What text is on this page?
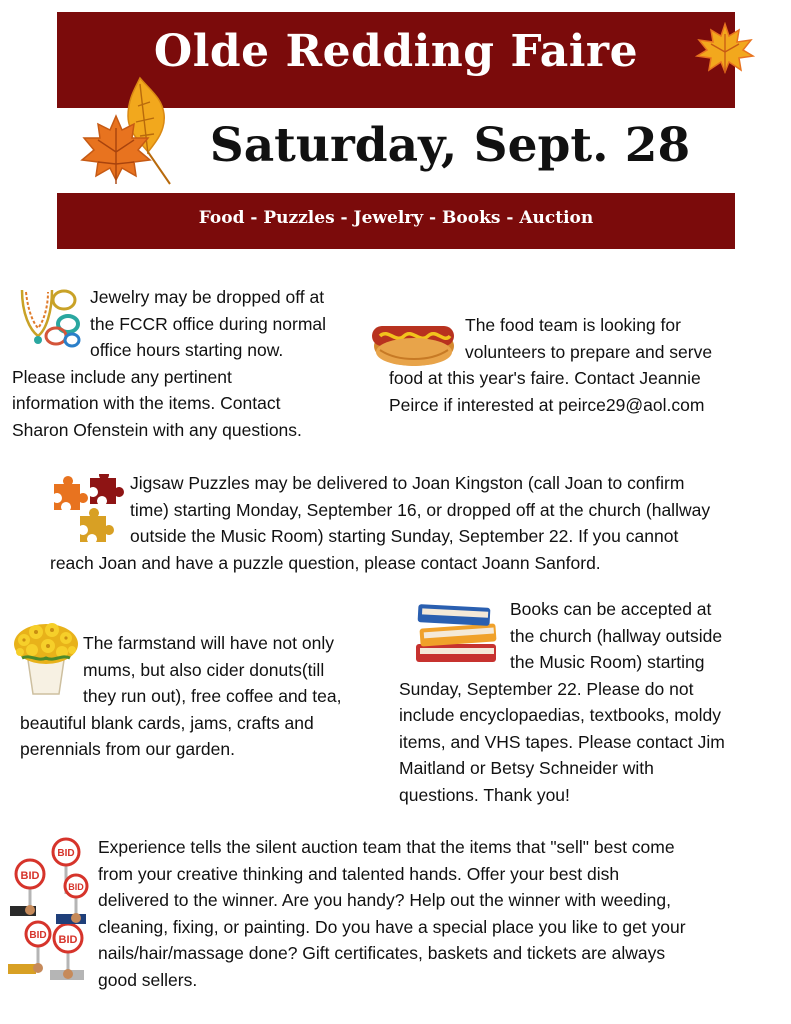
Olde Redding Faire
Saturday, Sept. 28
Food - Puzzles - Jewelry - Books - Auction
Jewelry may be dropped off at
the FCCR office during normal
office hours starting now.
Please include any pertinent
information with the items. Contact
Sharon Ofenstein with any questions.
The food team is looking for
volunteers to prepare and serve
food at this year's faire. Contact Jeannie
Peirce if interested at peirce29@aol.com
Jigsaw Puzzles may be delivered to Joan Kingston (call Joan to confirm
time) starting Monday, September 16, or dropped off at the church (hallway
outside the Music Room) starting Sunday, September 22. If you cannot
reach Joan and have a puzzle question, please contact Joann Sanford.
The farmstand will have not only
mums, but also cider donuts(till
they run out), free coffee and tea,
beautiful blank cards, jams, crafts and
perennials from our garden.
Books can be accepted at
the church (hallway outside
the Music Room) starting
Sunday, September 22. Please do not
include encyclopaedias, textbooks, moldy
items, and VHS tapes. Please contact Jim
Maitland or Betsy Schneider with
questions. Thank you!
BID
BID
BID
BID BID
Experience tells the silent auction team that the items that "sell" best come
from your creative thinking and talented hands. Offer your best dish
delivered to the winner. Are you handy? Help out the winner with weeding,
cleaning, fixing, or painting. Do you have a special place you like to get your
nails/hair/massage done? Gift certificates, baskets and tickets are always
good sellers.
